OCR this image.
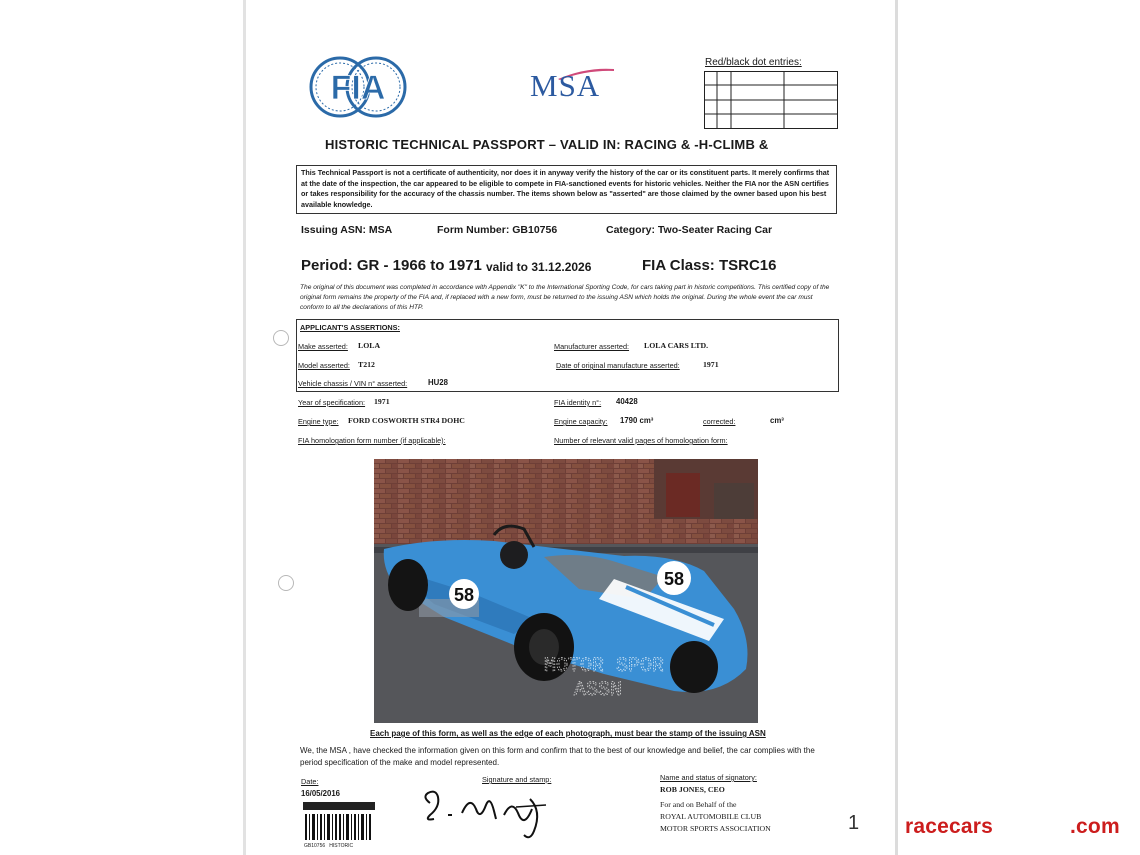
FIA	MSA
Red/black dot entries:
HISTORIC TECHNICAL PASSPORT – VALID IN: RACING & -H-CLIMB &
This Technical Passport is not a certificate of authenticity, nor does it in anyway verify the history of the car or its constituent parts. It merely confirms that at the date of the inspection, the car appeared to be eligible to compete in FIA-sanctioned events for historic vehicles. Neither the FIA nor the ASN certifies or takes responsibility for the accuracy of the chassis number. The items shown below as "asserted" are those claimed by the owner based upon his best available knowledge.
Issuing ASN: MSA	Form Number: GB10756	Category: Two-Seater Racing Car
Period: GR - 1966 to 1971 valid to 31.12.2026	FIA Class: TSRC16
The original of this document was completed in accordance with Appendix "K" to the International Sporting Code, for cars taking part in historic competitions. This certified copy of the original form remains the property of the FIA and, if replaced with a new form, must be returned to the issuing ASN which holds the original. During the whole event the car must conform to all the declarations of this HTP.
APPLICANT'S ASSERTIONS:
Make asserted: LOLA	Manufacturer asserted: LOLA CARS LTD.
Model asserted: T212	Date of original manufacture asserted:	1971
Vehicle chassis / VIN n° asserted:	HU28
Year of specification: 1971	FIA identity n°: 40428
Engine type: FORD COSWORTH STR4 DOHC	Engine capacity: 1790 cm³	corrected:	cm³
FIA homologation form number (if applicable):	Number of relevant valid pages of homologation form:
58
58
MOTOR SPOR
ASSN
Each page of this form, as well as the edge of each photograph, must bear the stamp of the issuing ASN
We, the MSA , have checked the information given on this form and confirm that to the best of our knowledge and belief, the car complies with the period specification of the make and model represented.
Date:
16/05/2016
Signature and stamp:	Name and status of signatory:
ROB JONES, CEO
For and on Behalf of the
ROYAL AUTOMOBILE CLUB
MOTOR SPORTS ASSOCIATION
GB10756   HISTORIC
1 racecars	.com
